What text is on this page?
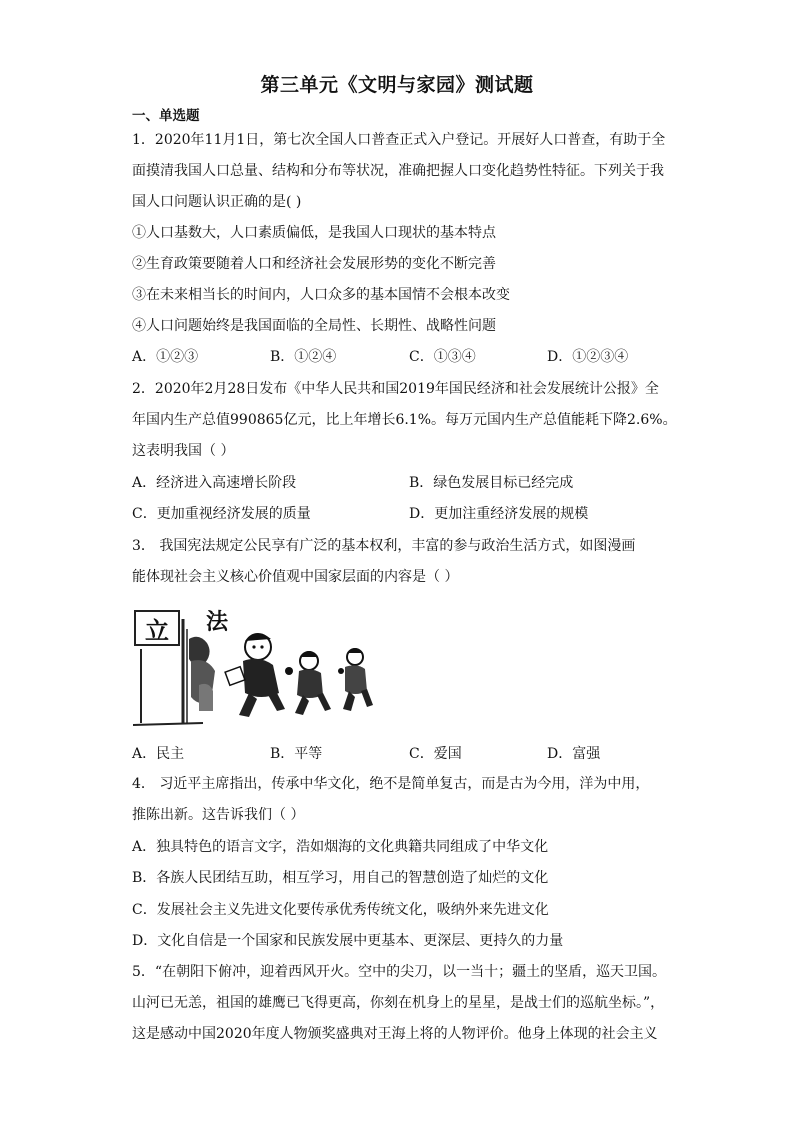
第三单元《文明与家园》测试题
一、单选题
1．2020年11月1日，第七次全国人口普查正式入户登记。开展好人口普查，有助于全
面摸清我国人口总量、结构和分布等状况，准确把握人口变化趋势性特征。下列关于我
国人口问题认识正确的是( )
①人口基数大，人口素质偏低，是我国人口现状的基本特点
②生育政策要随着人口和经济社会发展形势的变化不断完善
③在未来相当长的时间内，人口众多的基本国情不会根本改变
④人口问题始终是我国面临的全局性、长期性、战略性问题
A．①②③	B．①②④	C．①③④	D．①②③④
2．2020年2月28日发布《中华人民共和国2019年国民经济和社会发展统计公报》全
年国内生产总值990865亿元，比上年增长6.1%。每万元国内生产总值能耗下降2.6%。
这表明我国（ ）
A．经济进入高速增长阶段	B．绿色发展目标已经完成
C．更加重视经济发展的质量	D．更加注重经济发展的规模
3． 我国宪法规定公民享有广泛的基本权利，丰富的参与政治生活方式，如图漫画
能体现社会主义核心价值观中国家层面的内容是（ ）
立 法
A．民主	B．平等	C．爱国	D．富强
4． 习近平主席指出，传承中华文化，绝不是简单复古，而是古为今用，洋为中用，
推陈出新。这告诉我们（ ）
A．独具特色的语言文字，浩如烟海的文化典籍共同组成了中华文化
B．各族人民团结互助，相互学习，用自己的智慧创造了灿烂的文化
C．发展社会主义先进文化要传承优秀传统文化，吸纳外来先进文化
D．文化自信是一个国家和民族发展中更基本、更深层、更持久的力量
5．“在朝阳下俯冲，迎着西风开火。空中的尖刀，以一当十；疆土的坚盾，巡天卫国。
山河已无恙，祖国的雄鹰已飞得更高，你刻在机身上的星星，是战士们的巡航坐标。”，
这是感动中国2020年度人物颁奖盛典对王海上将的人物评价。他身上体现的社会主义
